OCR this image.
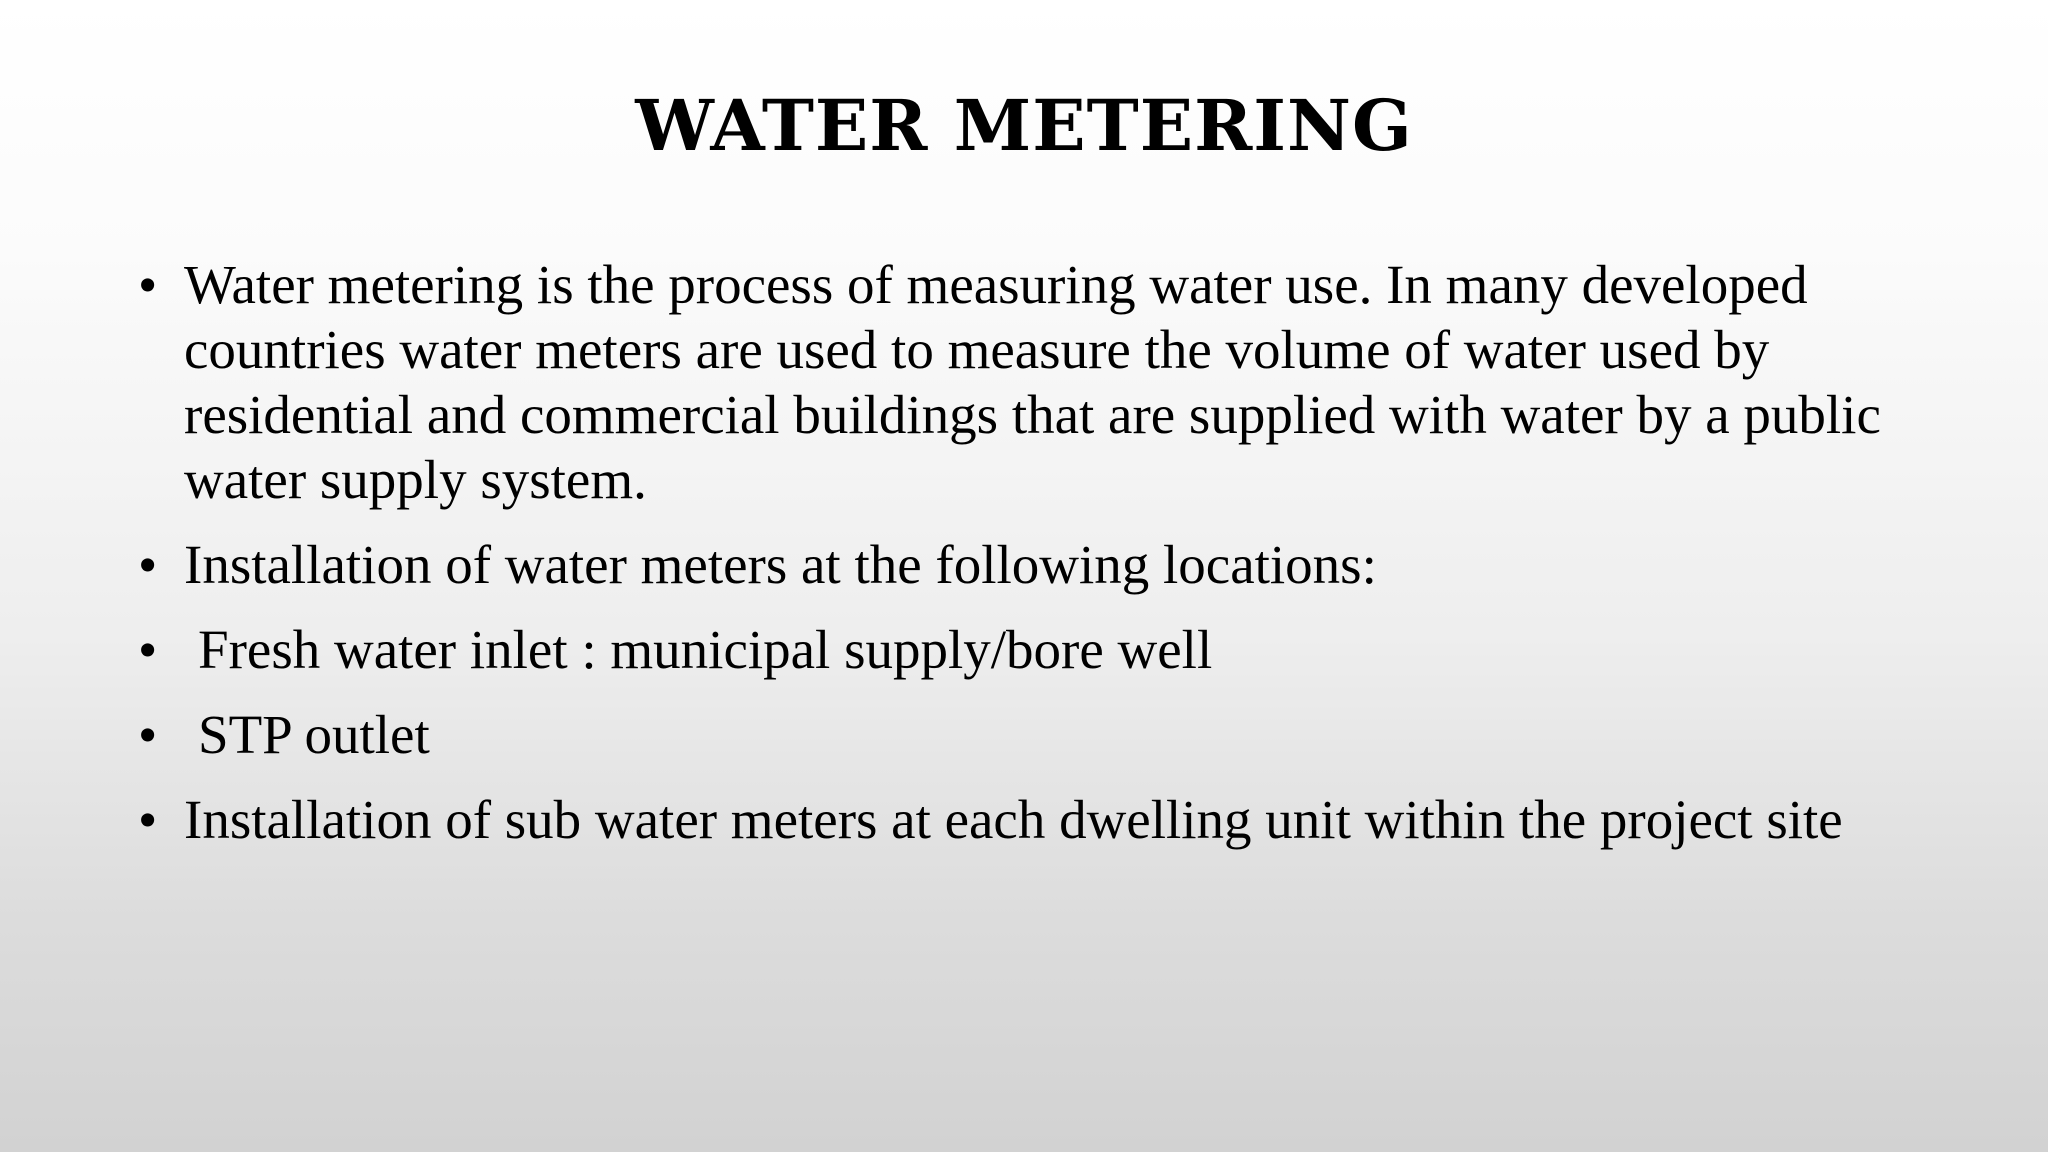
WATER METERING
• Water metering is the process of measuring water use. In many developed countries water meters are used to measure the volume of water used by residential and commercial buildings that are supplied with water by a public water supply system.
• Installation of water meters at the following locations:
• Fresh water inlet : municipal supply/bore well
• STP outlet
• Installation of sub water meters at each dwelling unit within the project site
